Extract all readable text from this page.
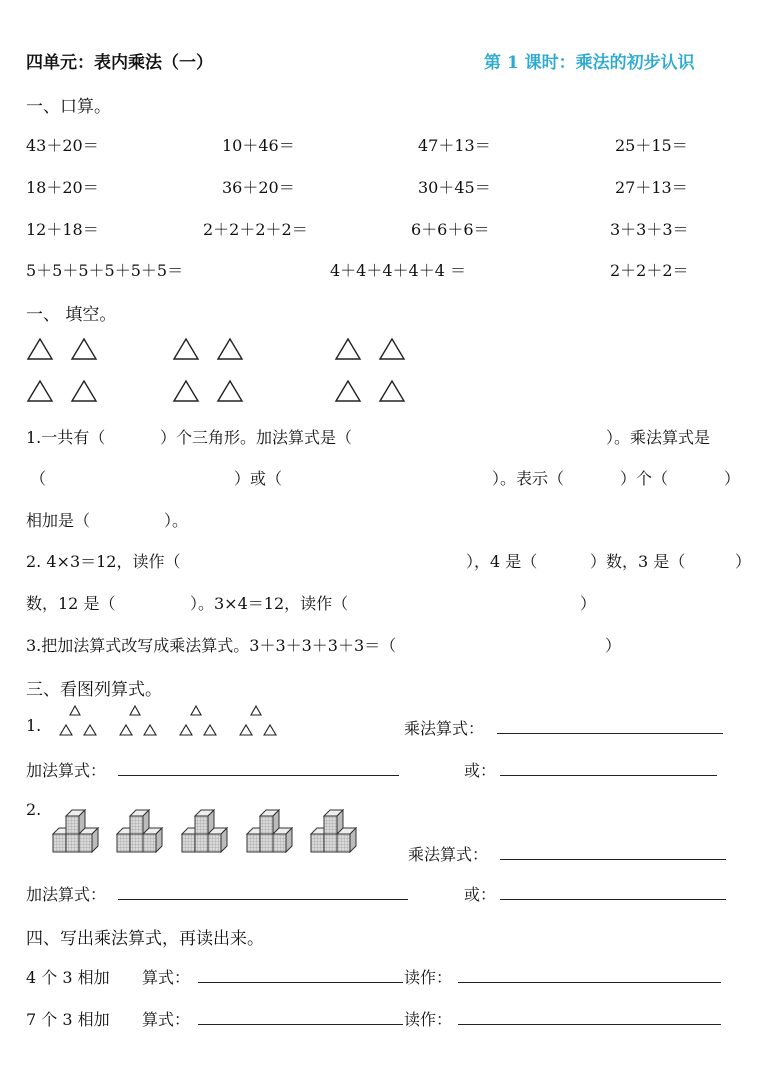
四单元：表内乘法（一）	第 1 课时：乘法的初步认识
一、口算。
43＋20＝	10＋46＝	47＋13＝	25＋15＝
18＋20＝	36＋20＝	30＋45＝	27＋13＝
12＋18＝	2＋2＋2＋2＝	6＋6＋6＝	3＋3＋3＝
5＋5＋5＋5＋5＋5＝	4＋4＋4＋4＋4 ＝	2＋2＋2＝
一、 填空。
1.一共有（	）个三角形。加法算式是（	）。乘法算式是
（	）或（	）。表示（	）个（	）
相加是（	）。
2. 4×3＝12，读作（	），4 是（	）数，3 是（	）
数，12 是（	）。3×4＝12，读作（	）
3.把加法算式改写成乘法算式。3＋3＋3＋3＋3＝（	）
三、看图列算式。
1.	乘法算式：
加法算式：	或：
2.
乘法算式：
加法算式：	或：
四、写出乘法算式，再读出来。
4 个 3 相加 算式：	读作：
7 个 3 相加 算式：	读作：
